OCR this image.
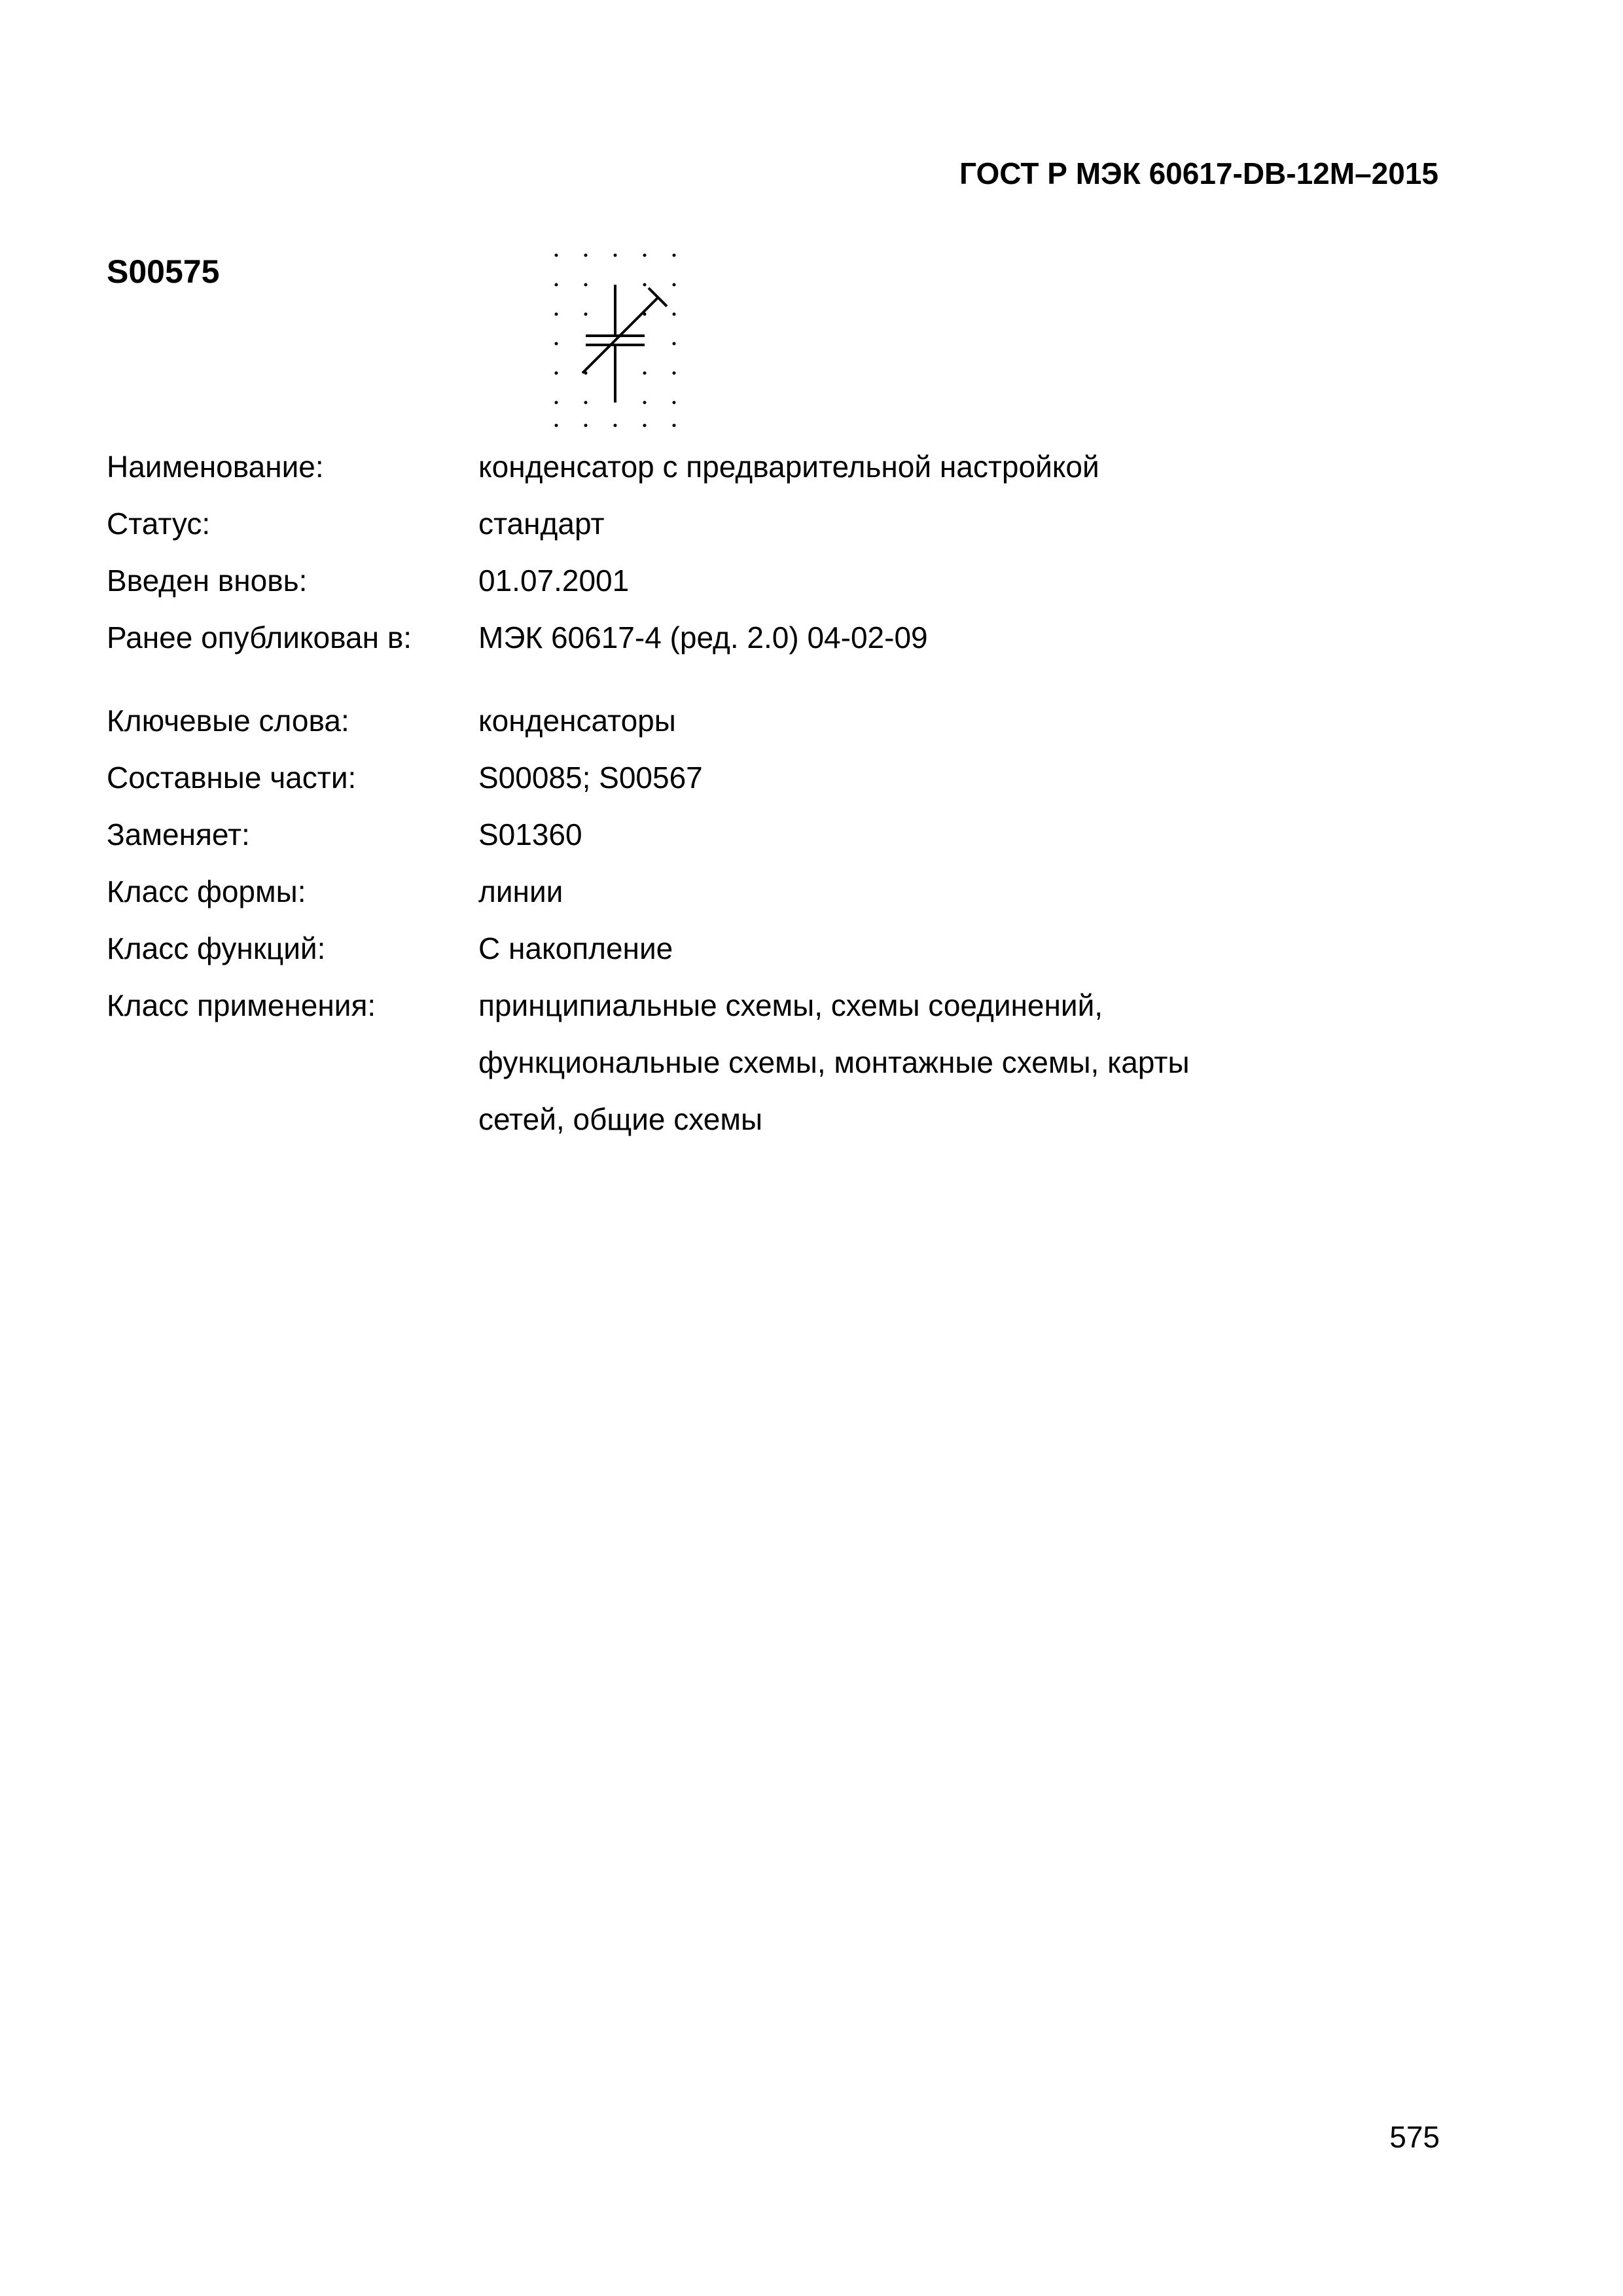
ГОСТ Р МЭК 60617-DB-12M–2015
S00575
Наименование:	конденсатор с предварительной настройкой
Статус:	стандарт
Введен вновь:	01.07.2001
Ранее опубликован в:	МЭК 60617-4 (ред. 2.0) 04-02-09
Ключевые слова:	конденсаторы
Составные части:	S00085; S00567
Заменяет:	S01360
Класс формы:	линии
Класс функций:	C накопление
Класс применения:	принципиальные схемы, схемы соединений,
функциональные схемы, монтажные схемы, карты
сетей, общие схемы
575
